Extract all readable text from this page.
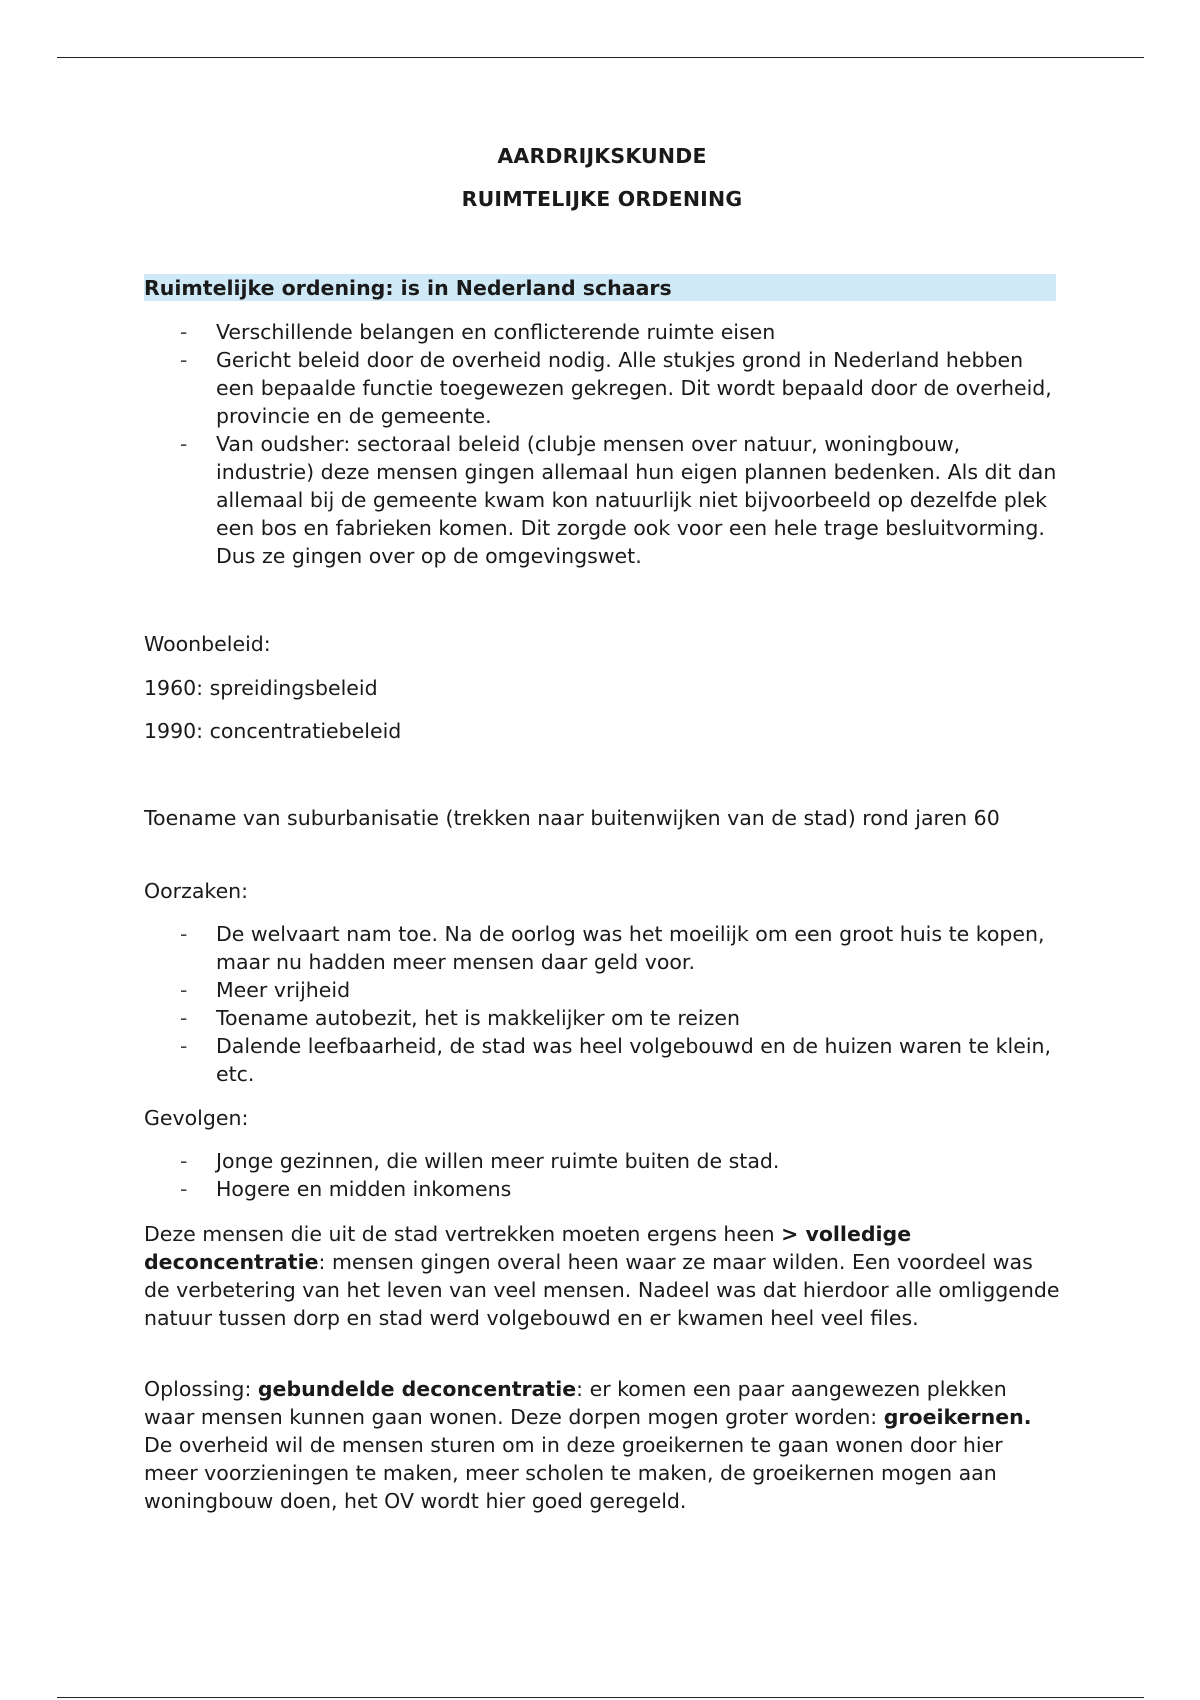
AARDRIJKSKUNDE
RUIMTELIJKE ORDENING
Ruimtelijke ordening: is in Nederland schaars
- Verschillende belangen en conflicterende ruimte eisen
- Gericht beleid door de overheid nodig. Alle stukjes grond in Nederland hebben een bepaalde functie toegewezen gekregen. Dit wordt bepaald door de overheid, provincie en de gemeente.
- Van oudsher: sectoraal beleid (clubje mensen over natuur, woningbouw, industrie) deze mensen gingen allemaal hun eigen plannen bedenken. Als dit dan allemaal bij de gemeente kwam kon natuurlijk niet bijvoorbeeld op dezelfde plek een bos en fabrieken komen. Dit zorgde ook voor een hele trage besluitvorming. Dus ze gingen over op de omgevingswet.

Woonbeleid:

1960: spreidingsbeleid

1990: concentratiebeleid

Toename van suburbanisatie (trekken naar buitenwijken van de stad) rond jaren 60

Oorzaken:

- De welvaart nam toe. Na de oorlog was het moeilijk om een groot huis te kopen, maar nu hadden meer mensen daar geld voor.
- Meer vrijheid
- Toename autobezit, het is makkelijker om te reizen
- Dalende leefbaarheid, de stad was heel volgebouwd en de huizen waren te klein, etc.

Gevolgen:

- Jonge gezinnen, die willen meer ruimte buiten de stad.
- Hogere en midden inkomens

Deze mensen die uit de stad vertrekken moeten ergens heen > volledige deconcentratie: mensen gingen overal heen waar ze maar wilden. Een voordeel was de verbetering van het leven van veel mensen. Nadeel was dat hierdoor alle omliggende natuur tussen dorp en stad werd volgebouwd en er kwamen heel veel files.

Oplossing: gebundelde deconcentratie: er komen een paar aangewezen plekken waar mensen kunnen gaan wonen. Deze dorpen mogen groter worden: groeikernen. De overheid wil de mensen sturen om in deze groeikernen te gaan wonen door hier meer voorzieningen te maken, meer scholen te maken, de groeikernen mogen aan woningbouw doen, het OV wordt hier goed geregeld.
